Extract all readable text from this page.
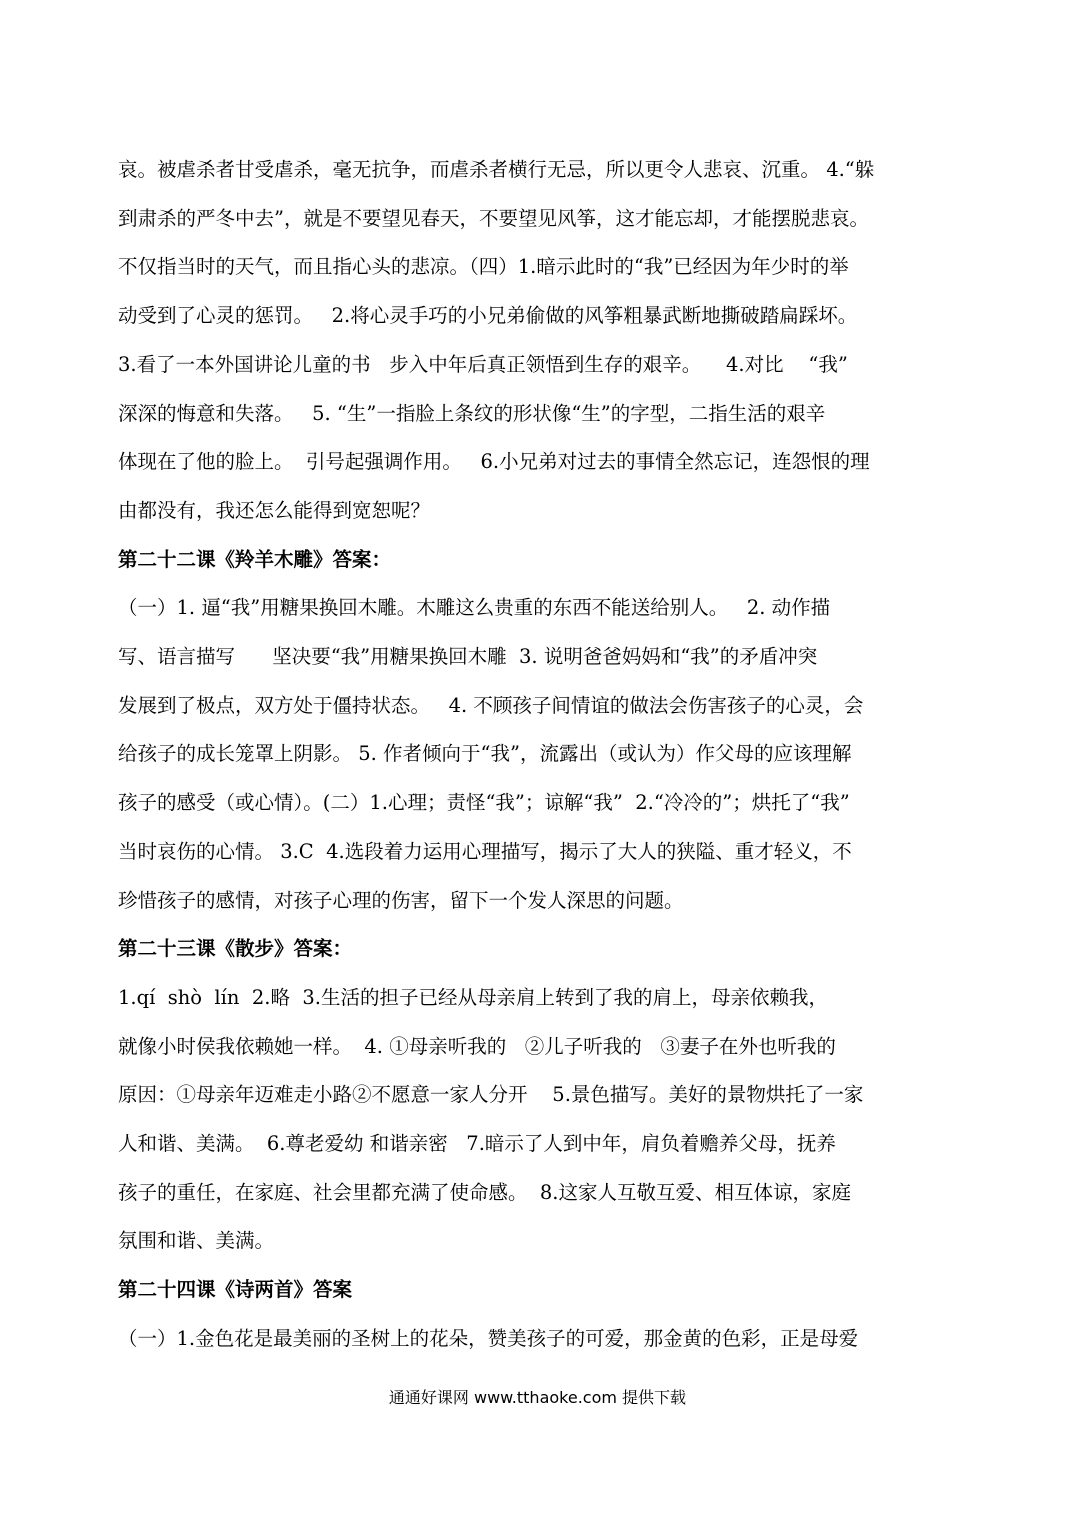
哀。被虐杀者甘受虐杀，毫无抗争，而虐杀者横行无忌，所以更令人悲哀、沉重。 4.“躲
到肃杀的严冬中去”，就是不要望见春天，不要望见风筝，这才能忘却，才能摆脱悲哀。
不仅指当时的天气，而且指心头的悲凉。（四）1.暗示此时的“我”已经因为年少时的举
动受到了心灵的惩罚。   2.将心灵手巧的小兄弟偷做的风筝粗暴武断地撕破踏扁踩坏。
3.看了一本外国讲论儿童的书   步入中年后真正领悟到生存的艰辛。    4.对比    “我”
深深的悔意和失落。   5. “生”一指脸上条纹的形状像“生”的字型，二指生活的艰辛
体现在了他的脸上。  引号起强调作用。   6.小兄弟对过去的事情全然忘记，连怨恨的理
由都没有，我还怎么能得到宽恕呢？
第二十二课《羚羊木雕》答案：
（一）1. 逼“我”用糖果换回木雕。木雕这么贵重的东西不能送给别人。   2. 动作描
写、语言描写      坚决要“我”用糖果换回木雕  3. 说明爸爸妈妈和“我”的矛盾冲突
发展到了极点，双方处于僵持状态。   4. 不顾孩子间情谊的做法会伤害孩子的心灵，会
给孩子的成长笼罩上阴影。 5. 作者倾向于“我”，流露出（或认为）作父母的应该理解
孩子的感受（或心情）。(二）1.心理；责怪“我”；谅解“我”  2.“冷冷的”；烘托了“我”
当时哀伤的心情。 3.C  4.选段着力运用心理描写，揭示了大人的狭隘、重才轻义，不
珍惜孩子的感情，对孩子心理的伤害，留下一个发人深思的问题。
第二十三课《散步》答案：
1.qí  shò  lín  2.略  3.生活的担子已经从母亲肩上转到了我的肩上，母亲依赖我，
就像小时侯我依赖她一样。  4. ①母亲听我的   ②儿子听我的   ③妻子在外也听我的
原因：①母亲年迈难走小路②不愿意一家人分开    5.景色描写。美好的景物烘托了一家
人和谐、美满。  6.尊老爱幼 和谐亲密   7.暗示了人到中年，肩负着赡养父母，抚养
孩子的重任，在家庭、社会里都充满了使命感。  8.这家人互敬互爱、相互体谅，家庭
氛围和谐、美满。
第二十四课《诗两首》答案
（一）1.金色花是最美丽的圣树上的花朵，赞美孩子的可爱，那金黄的色彩，正是母爱
通通好课网 www.tthaoke.com 提供下载
